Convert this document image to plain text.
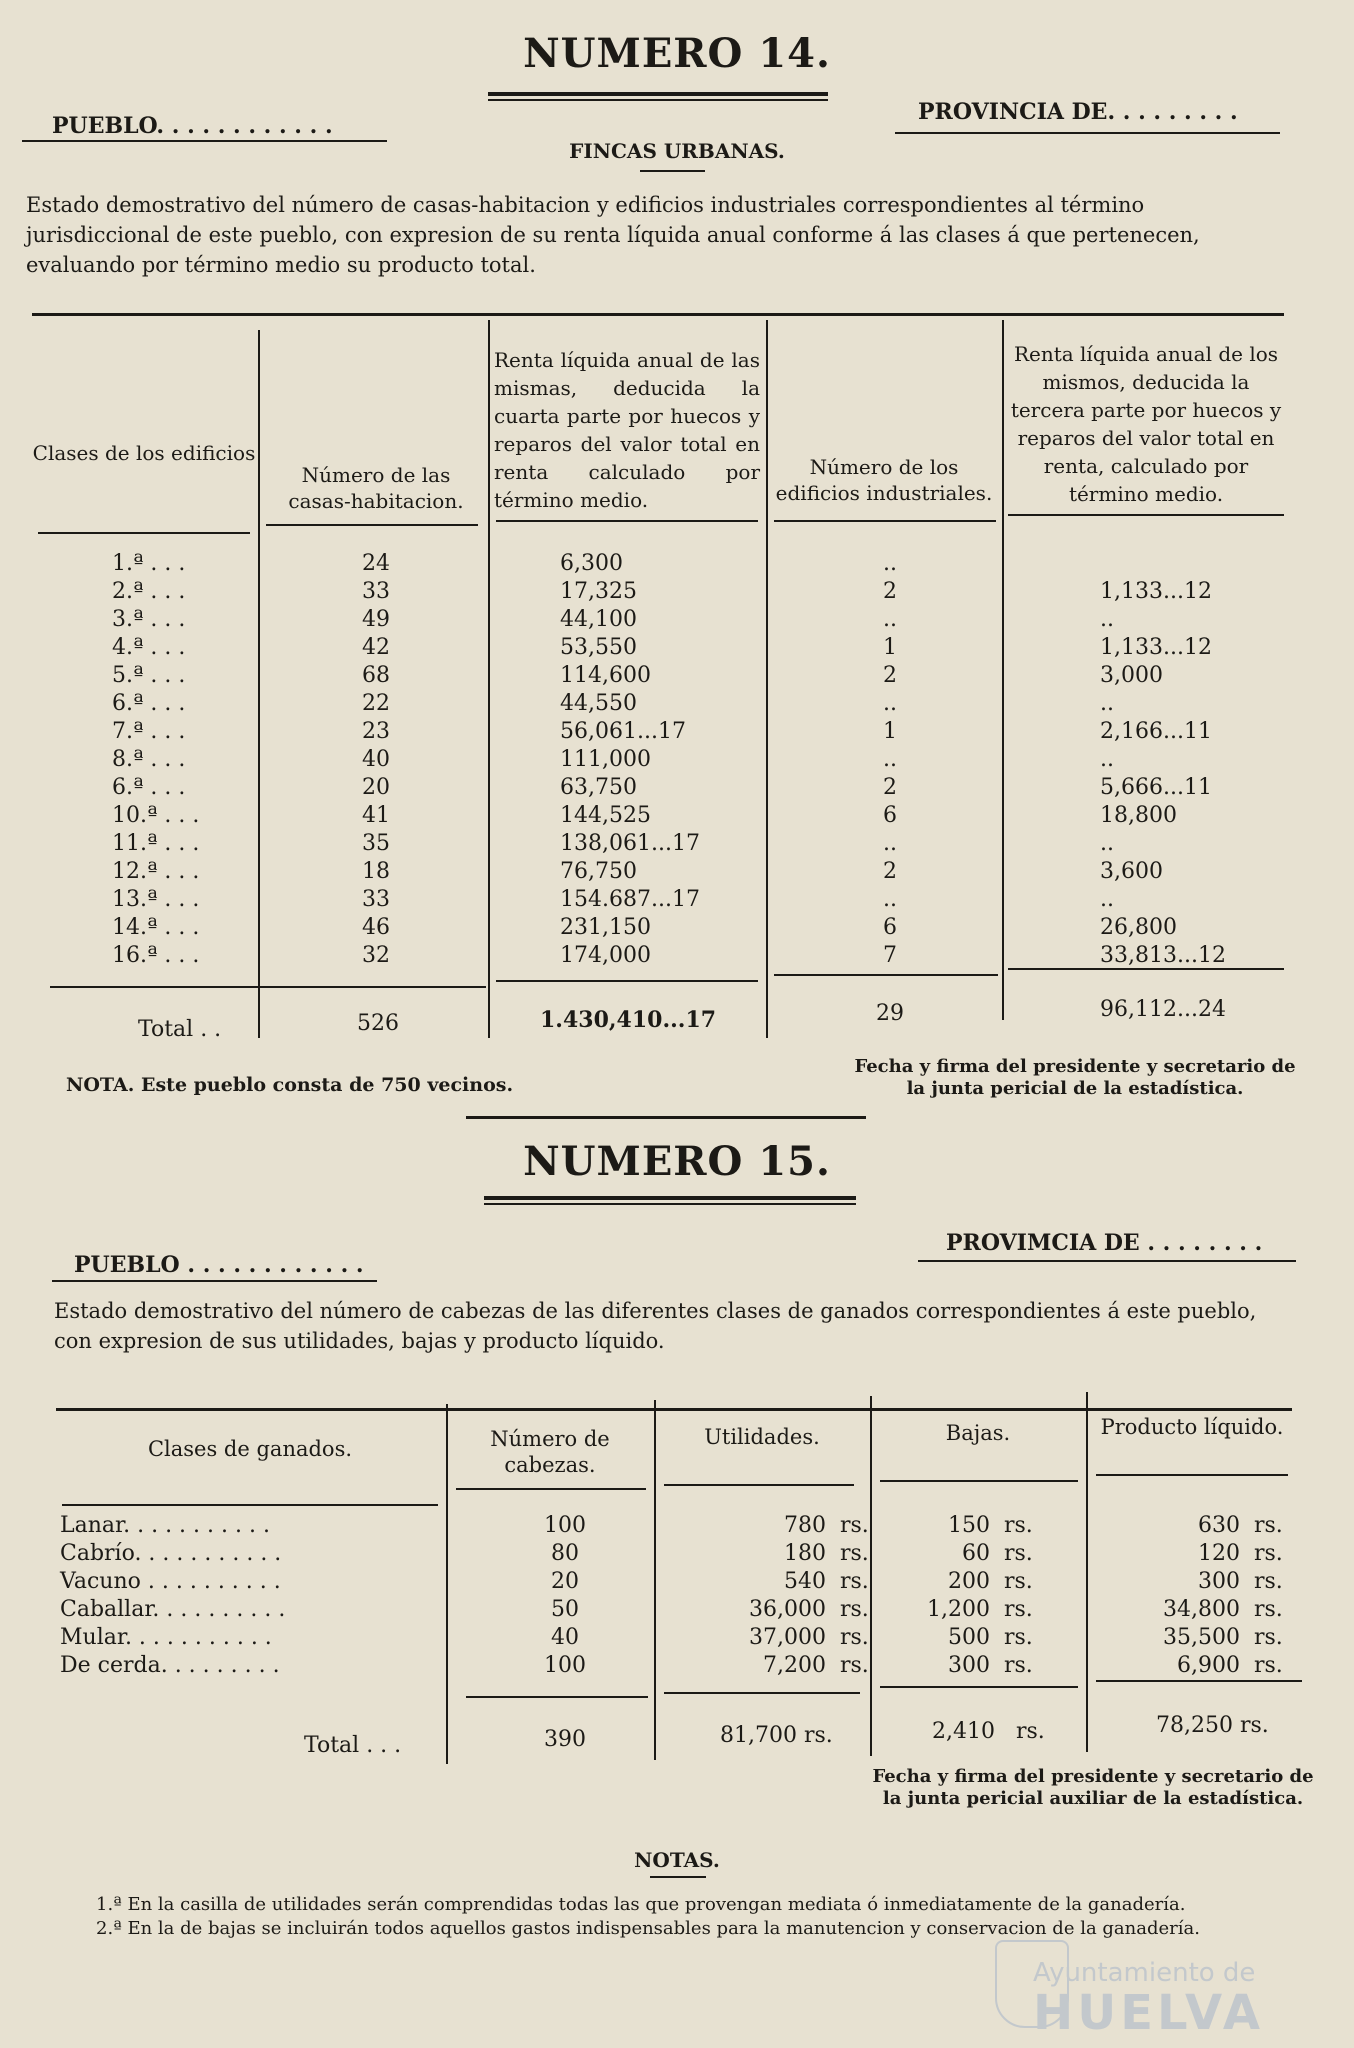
NUMERO 14.
PUEBLO. . . . . . . . . . . .
PROVINCIA DE. . . . . . . . .
FINCAS URBANAS.
Estado demostrativo del número de casas-habitacion y edificios industriales correspondientes al término jurisdiccional de este pueblo, con expresion de su renta líquida anual conforme á las clases á que pertenecen, evaluando por término medio su producto total.
Clases de los edificios
Número de las casas-habitacion.
Renta líquida anual de las mismas, deducida la cuarta parte por huecos y reparos del valor total en renta calculado por término medio.
Número de los edificios industriales.
Renta líquida anual de los mismos, deducida la tercera parte por huecos y reparos del valor total en renta, calculado por término medio.
1.ª . . .	24	6,300	..
2.ª . . .	33	17,325	2	1,133...12
3.ª . . .	49	44,100	..	..
4.ª . . .	42	53,550	1	1,133...12
5.ª . . .	68	114,600	2	3,000
6.ª . . .	22	44,550	..	..
7.ª . . .	23	56,061...17	1	2,166...11
8.ª . . .	40	111,000	..	..
6.ª . . .	20	63,750	2	5,666...11
10.ª . . .	41	144,525	6	18,800
11.ª . . .	35	138,061...17	..	..
12.ª . . .	18	76,750	2	3,600
13.ª . . .	33	154.687...17	..	..
14.ª . . .	46	231,150	6	26,800
16.ª . . .	32	174,000	7	33,813...12
Total . .	526	1.430,410...17	29	96,112...24
NOTA. Este pueblo consta de 750 vecinos.
Fecha y firma del presidente y secretario de la junta pericial de la estadística.
NUMERO 15.
PROVIMCIA DE . . . . . . . .
PUEBLO . . . . . . . . . . . .
Estado demostrativo del número de cabezas de las diferentes clases de ganados correspondientes á este pueblo, con expresion de sus utilidades, bajas y producto líquido.
Clases de ganados.	Número de cabezas.
Utilidades.	Bajas.	Producto líquido.
Lanar. . . . . . . . . . .	100	780 rs.	150 rs.	630 rs.
Cabrío. . . . . . . . . . .	80	180 rs.	60 rs.	120 rs.
Vacuno . . . . . . . . . .	20	540 rs.	200 rs.	300 rs.
Caballar. . . . . . . . . .	50	36,000 rs.	1,200 rs.	34,800 rs.
Mular. . . . . . . . . . .	40	37,000 rs.	500 rs.	35,500 rs.
De cerda. . . . . . . . .	100	7,200 rs.	300 rs.	6,900 rs.
Total . . .	390	81,700 rs.	2,410 rs.	78,250 rs.
Fecha y firma del presidente y secretario de la junta pericial auxiliar de la estadística.
NOTAS.
1.ª En la casilla de utilidades serán comprendidas todas las que provengan mediata ó inmediatamente de la ganadería.
2.ª En la de bajas se incluirán todos aquellos gastos indispensables para la manutencion y conservacion de la ganadería.
Ayuntamiento de
HUELVA
